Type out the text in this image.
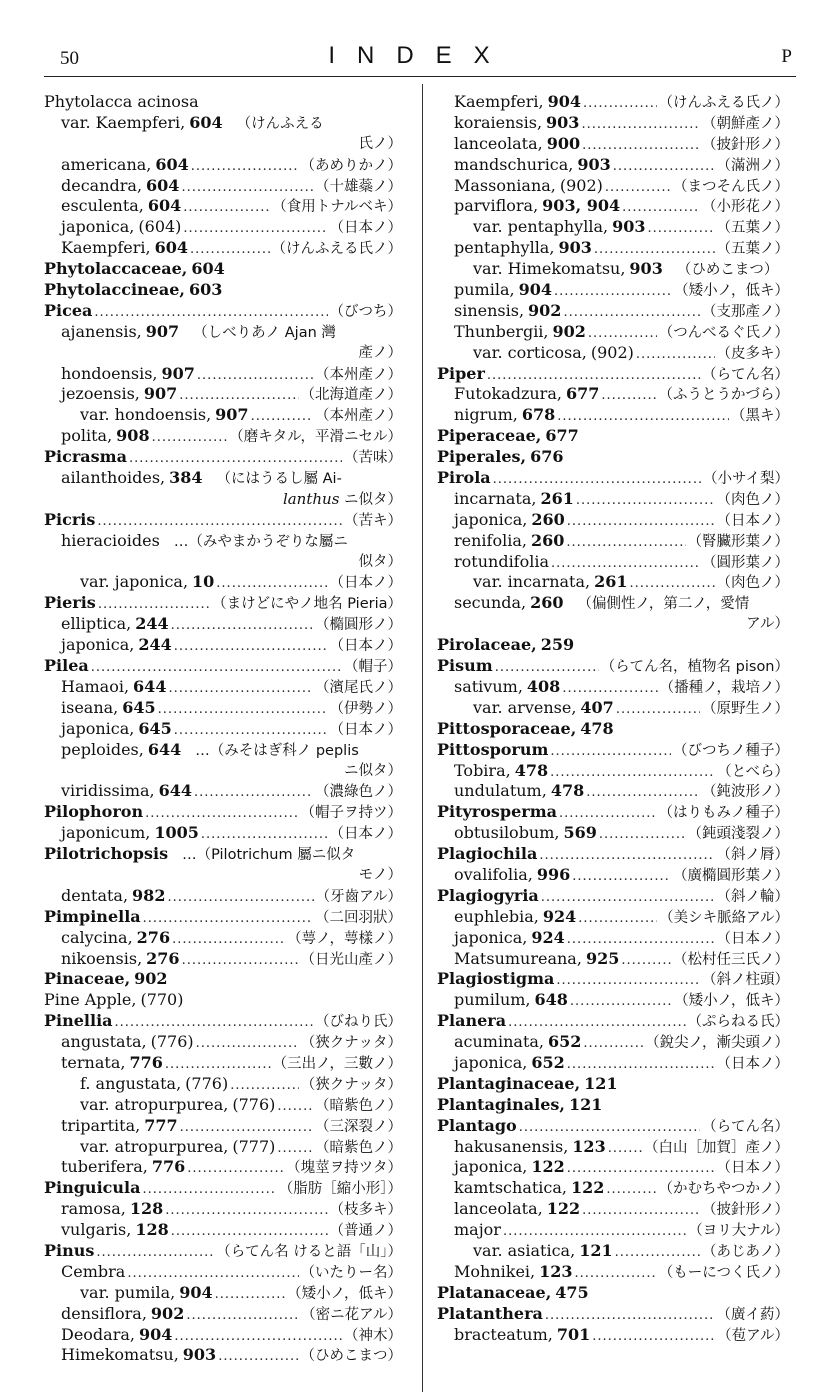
50	INDEX	P
Phytolacca acinosa
var. Kaempferi, 604 （けんふえる
氏ノ）
americana, 604 .....	（あめりかノ）
decandra, 604 .....	（十雄蘂ノ）
esculenta, 604 .....	（食用トナルベキ）
japonica, (604) .....	（日本ノ）
Kaempferi, 604 .....	（けんふえる氏ノ）
Phytolaccaceae, 604
Phytolaccineae, 603
Picea .....	（びつち）
ajanensis, 907 （しべりあノ Ajan 灣
產ノ）
hondoensis, 907 .....	（本州產ノ）
jezoensis, 907 .....	（北海道產ノ）
var. hondoensis, 907 .....	（本州產ノ）
polita, 908 .....	（磨キタル，平滑ニセル）
Picrasma .....	（苦味）
ailanthoides, 384 （にはうるし屬 Ai-
lanthus ニ似タ）
Picris .....	（苦キ）
hieracioides …（みやまかうぞりな屬ニ
似タ）
var. japonica, 10 .....	（日本ノ）
Pieris .....	（まけどにやノ地名 Pieria）
elliptica, 244 .....	（橢圓形ノ）
japonica, 244 .....	（日本ノ）
Pilea .....	（帽子）
Hamaoi, 644 .....	（濱尾氏ノ）
iseana, 645 .....	（伊勢ノ）
japonica, 645 .....	（日本ノ）
peploides, 644 …（みそはぎ科ノ peplis
ニ似タ）
viridissima, 644 .....	（濃綠色ノ）
Pilophoron .....	（帽子ヲ持ツ）
japonicum, 1005 .....	（日本ノ）
Pilotrichopsis …（Pilotrichum 屬ニ似タ
モノ）
dentata, 982 .....	（牙齒アル）
Pimpinella .....	（二回羽狀）
calycina, 276 .....	（萼ノ，萼樣ノ）
nikoensis, 276 .....	（日光山產ノ）
Pinaceae, 902
Pine Apple, (770)
Pinellia .....	（びねり氏）
angustata, (776) .....	（狹クナッタ）
ternata, 776 .....	（三出ノ，三數ノ）
f. angustata, (776) .....	（狹クナッタ）
var. atropurpurea, (776) .....	（暗紫色ノ）
tripartita, 777 .....	（三深裂ノ）
var. atropurpurea, (777) .....	（暗紫色ノ）
tuberifera, 776 .....	（塊莖ヲ持ツタ）
Pinguicula .....	（脂肪［縮小形］）
ramosa, 128 .....	（枝多キ）
vulgaris, 128 .....	（普通ノ）
Pinus .....	（らてん名 けると語「山」）
Cembra .....	（いたりー名）
var. pumila, 904 .....	（矮小ノ，低キ）
densiflora, 902 .....	（密ニ花アル）
Deodara, 904 .....	（神木）
Himekomatsu, 903 .....	（ひめこまつ）
Kaempferi, 904 .....	（けんふえる氏ノ）
koraiensis, 903 .....	（朝鮮產ノ）
lanceolata, 900 .....	（披針形ノ）
mandschurica, 903 .....	（滿洲ノ）
Massoniana, (902) .....	（まつそん氏ノ）
parviflora, 903, 904 .....	（小形花ノ）
var. pentaphylla, 903 .....	（五葉ノ）
pentaphylla, 903 .....	（五葉ノ）
var. Himekomatsu, 903 （ひめこまつ）
pumila, 904 .....	（矮小ノ，低キ）
sinensis, 902 .....	（支那產ノ）
Thunbergii, 902 .....	（つんべるぐ氏ノ）
var. corticosa, (902) .....	（皮多キ）
Piper .....	（らてん名）
Futokadzura, 677 .....	（ふうとうかづら）
nigrum, 678 .....	（黑キ）
Piperaceae, 677
Piperales, 676
Pirola .....	（小サイ梨）
incarnata, 261 .....	（肉色ノ）
japonica, 260 .....	（日本ノ）
renifolia, 260 .....	（腎臟形葉ノ）
rotundifolia .....	（圓形葉ノ）
var. incarnata, 261 .....	（肉色ノ）
secunda, 260 （偏側性ノ，第二ノ，愛情
アル）
Pirolaceae, 259
Pisum .....	（らてん名，植物名 pison）
sativum, 408 .....	（播種ノ，栽培ノ）
var. arvense, 407 .....	（原野生ノ）
Pittosporaceae, 478
Pittosporum .....	（びつちノ種子）
Tobira, 478 .....	（とべら）
undulatum, 478 .....	（鈍波形ノ）
Pityrosperma .....	（はりもみノ種子）
obtusilobum, 569 .....	（鈍頭淺裂ノ）
Plagiochila .....	（斜ノ脣）
ovalifolia, 996 .....	（廣橢圓形葉ノ）
Plagiogyria .....	（斜ノ輪）
euphlebia, 924 .....	（美シキ脈絡アル）
japonica, 924 .....	（日本ノ）
Matsumureana, 925 .....	（松村任三氏ノ）
Plagiostigma .....	（斜ノ柱頭）
pumilum, 648 .....	（矮小ノ，低キ）
Planera .....	（ぷらねる氏）
acuminata, 652 .....	（銳尖ノ，漸尖頭ノ）
japonica, 652 .....	（日本ノ）
Plantaginaceae, 121
Plantaginales, 121
Plantago .....	（らてん名）
hakusanensis, 123 .....	（白山［加賀］產ノ）
japonica, 122 .....	（日本ノ）
kamtschatica, 122 .....	（かむちやつかノ）
lanceolata, 122 .....	（披針形ノ）
major .....	（ヨリ大ナル）
var. asiatica, 121 .....	（あじあノ）
Mohnikei, 123 .....	（もーにつく氏ノ）
Platanaceae, 475
Platanthera .....	（廣イ葯）
bracteatum, 701 .....	（苞アル）
